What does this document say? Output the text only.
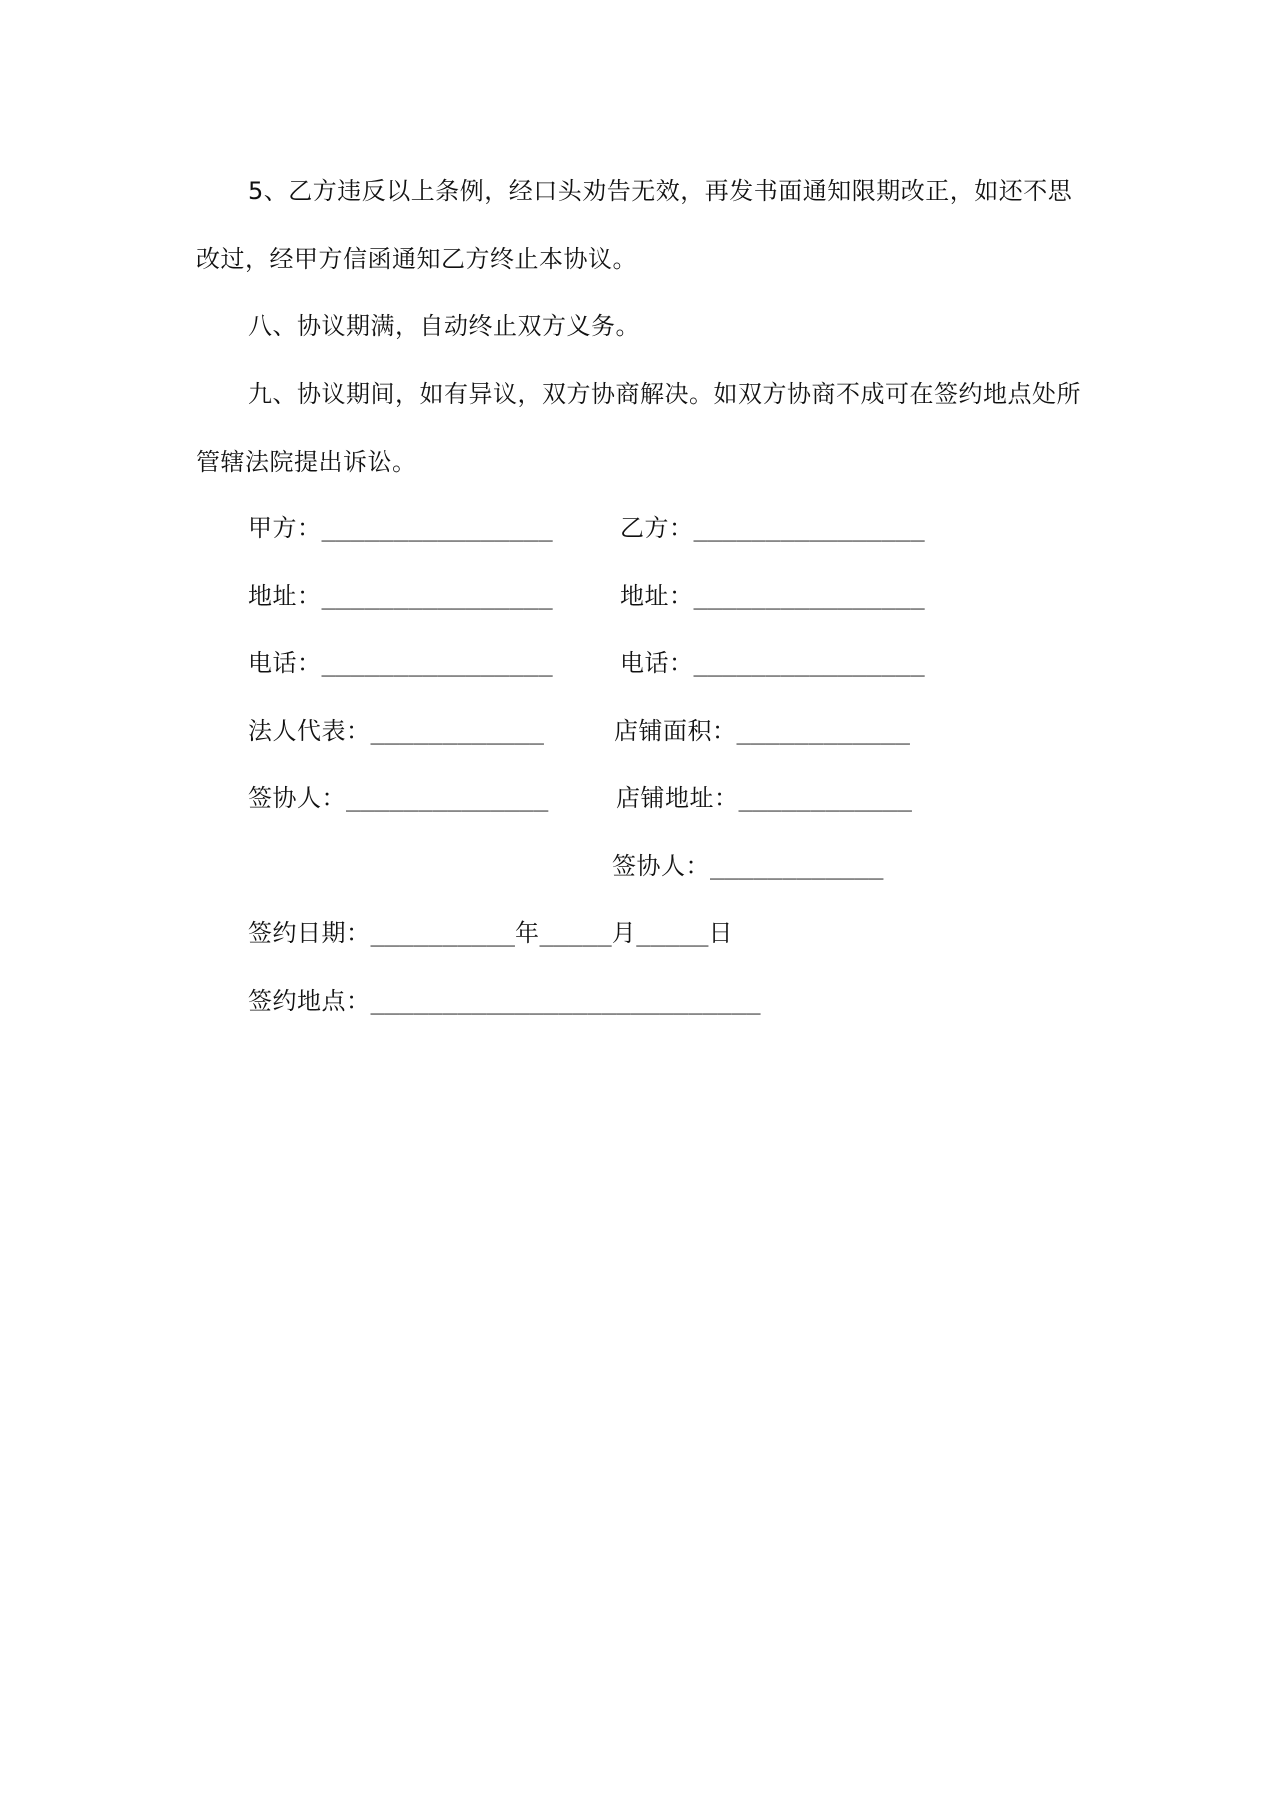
5、乙方违反以上条例，经口头劝告无效，再发书面通知限期改正，如还不思改过，经甲方信函通知乙方终止本协议。

八、协议期满，自动终止双方义务。

九、协议期间，如有异议，双方协商解决。如双方协商不成可在签约地点处所管辖法院提出诉讼。

甲方：________________
地址：________________
电话：________________
法人代表：____________
签协人：______________
乙方：________________
地址：________________
电话：________________
店铺面积：____________
店铺地址：____________
签协人：____________
签约日期：__________年_____月_____日
签约地点：___________________________
